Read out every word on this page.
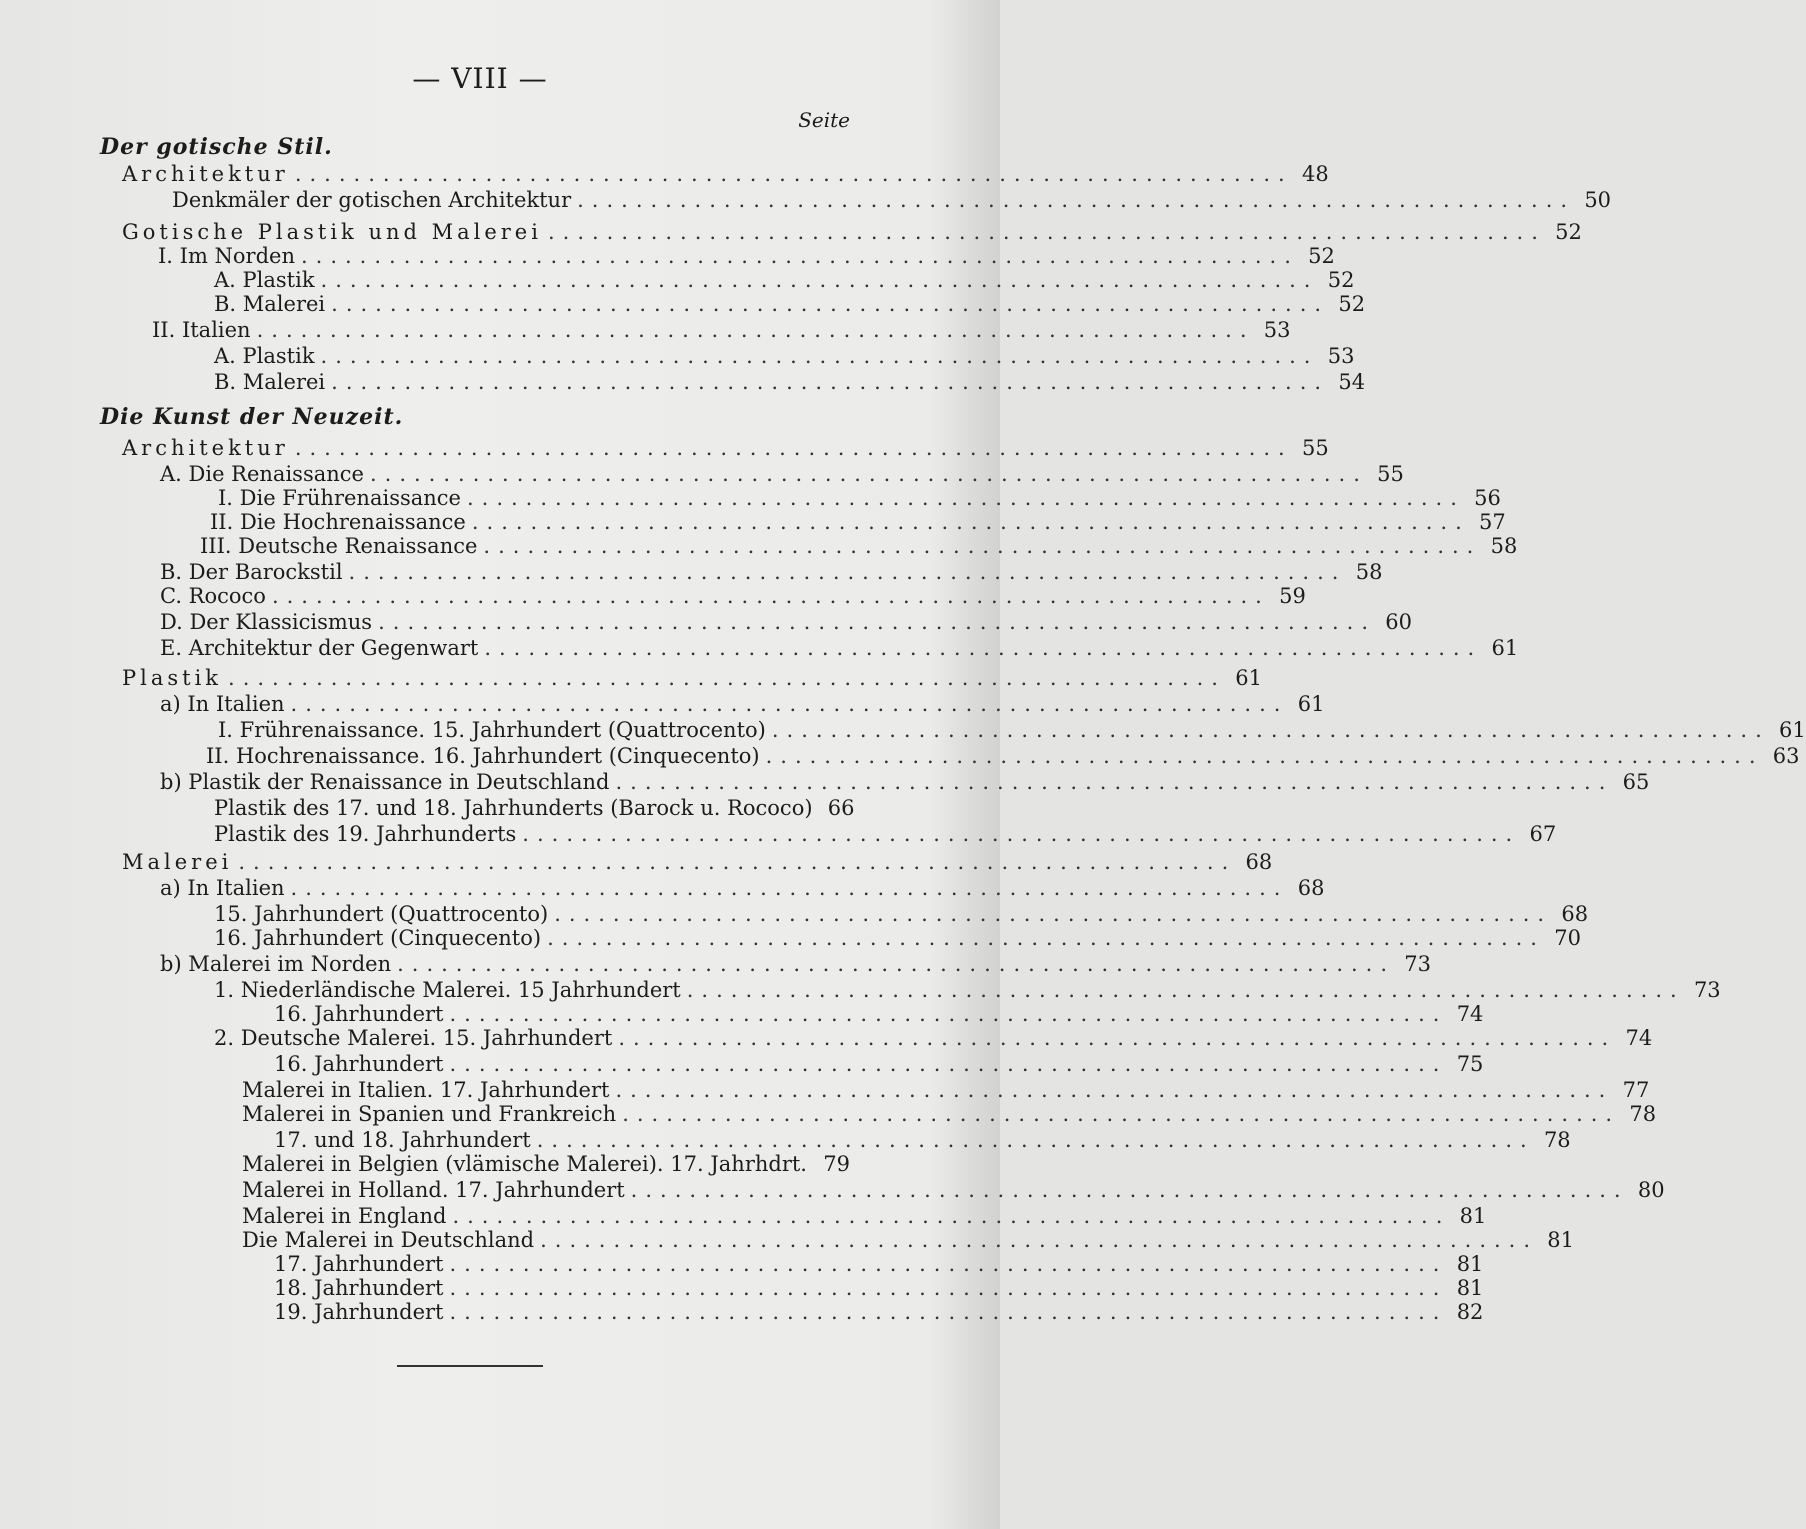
— VIII —
Seite
Der gotische Stil.
Architektur .................................................................... 48
Denkmäler der gotischen Architektur .................................................................... 50
Gotische Plastik und Malerei .................................................................... 52
I. Im Norden .................................................................... 52
A. Plastik .................................................................... 52
B. Malerei .................................................................... 52
II. Italien .................................................................... 53
A. Plastik .................................................................... 53
B. Malerei .................................................................... 54
Die Kunst der Neuzeit.
Architektur .................................................................... 55
A. Die Renaissance .................................................................... 55
I. Die Frührenaissance .................................................................... 56
II. Die Hochrenaissance .................................................................... 57
III. Deutsche Renaissance .................................................................... 58
B. Der Barockstil .................................................................... 58
C. Rococo .................................................................... 59
D. Der Klassicismus .................................................................... 60
E. Architektur der Gegenwart .................................................................... 61
Plastik .................................................................... 61
a) In Italien .................................................................... 61
I. Frührenaissance. 15. Jahrhundert (Quattrocento) .................................................................... 61
II. Hochrenaissance. 16. Jahrhundert (Cinquecento) .................................................................... 63
b) Plastik der Renaissance in Deutschland .................................................................... 65
Plastik des 17. und 18. Jahrhunderts (Barock u. Rococo) 66
Plastik des 19. Jahrhunderts .................................................................... 67
Malerei .................................................................... 68
a) In Italien .................................................................... 68
15. Jahrhundert (Quattrocento) .................................................................... 68
16. Jahrhundert (Cinquecento) .................................................................... 70
b) Malerei im Norden .................................................................... 73
1. Niederländische Malerei. 15 Jahrhundert .................................................................... 73
16. Jahrhundert .................................................................... 74
2. Deutsche Malerei. 15. Jahrhundert .................................................................... 74
16. Jahrhundert .................................................................... 75
Malerei in Italien. 17. Jahrhundert .................................................................... 77
Malerei in Spanien und Frankreich .................................................................... 78
17. und 18. Jahrhundert .................................................................... 78
Malerei in Belgien (vlämische Malerei). 17. Jahrhdrt. 79
Malerei in Holland. 17. Jahrhundert .................................................................... 80
Malerei in England .................................................................... 81
Die Malerei in Deutschland .................................................................... 81
17. Jahrhundert .................................................................... 81
18. Jahrhundert .................................................................... 81
19. Jahrhundert .................................................................... 82
